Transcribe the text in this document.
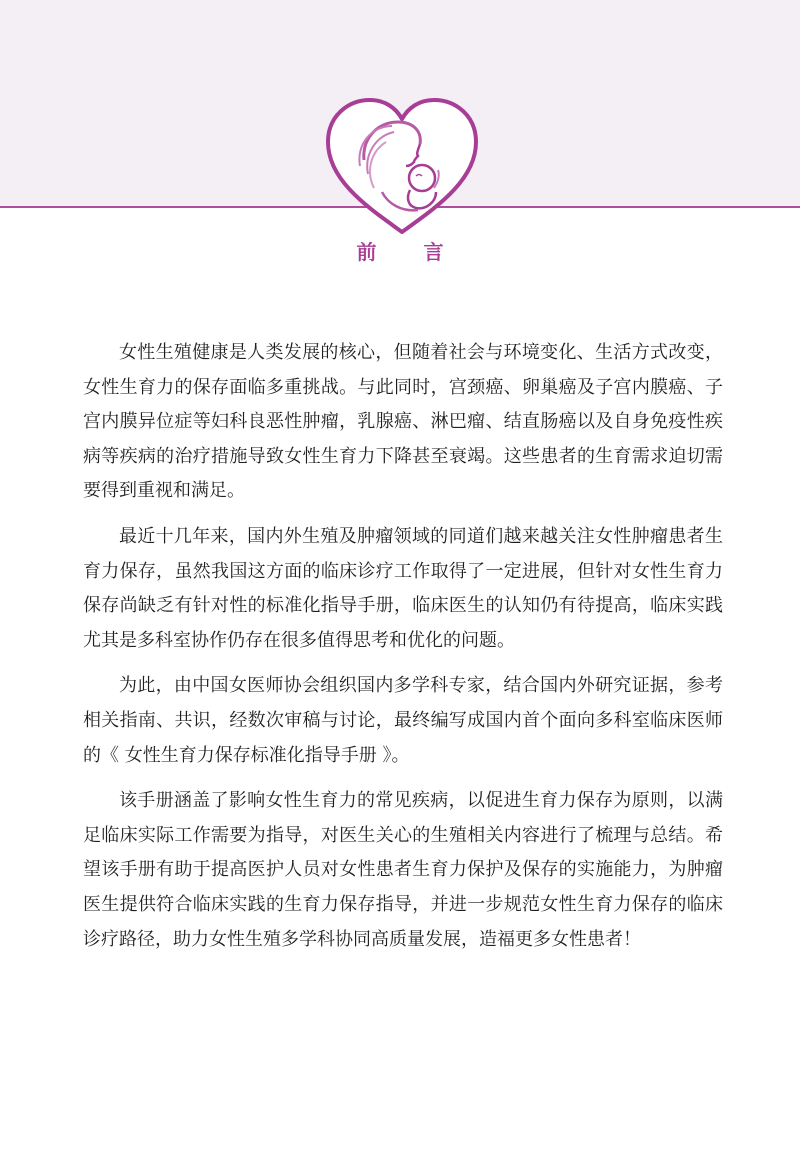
前 言

女性生殖健康是人类发展的核心，但随着社会与环境变化、生活方式改变，女性生育力的保存面临多重挑战。与此同时，宫颈癌、卵巢癌及子宫内膜癌、子宫内膜异位症等妇科良恶性肿瘤，乳腺癌、淋巴瘤、结直肠癌以及自身免疫性疾病等疾病的治疗措施导致女性生育力下降甚至衰竭。这些患者的生育需求迫切需要得到重视和满足。

最近十几年来，国内外生殖及肿瘤领域的同道们越来越关注女性肿瘤患者生育力保存，虽然我国这方面的临床诊疗工作取得了一定进展，但针对女性生育力保存尚缺乏有针对性的标准化指导手册，临床医生的认知仍有待提高，临床实践尤其是多科室协作仍存在很多值得思考和优化的问题。

为此，由中国女医师协会组织国内多学科专家，结合国内外研究证据，参考相关指南、共识，经数次审稿与讨论，最终编写成国内首个面向多科室临床医师的《 女性生育力保存标准化指导手册 》。

该手册涵盖了影响女性生育力的常见疾病，以促进生育力保存为原则，以满足临床实际工作需要为指导，对医生关心的生殖相关内容进行了梳理与总结。希望该手册有助于提高医护人员对女性患者生育力保护及保存的实施能力，为肿瘤医生提供符合临床实践的生育力保存指导，并进一步规范女性生育力保存的临床诊疗路径，助力女性生殖多学科协同高质量发展，造福更多女性患者！
